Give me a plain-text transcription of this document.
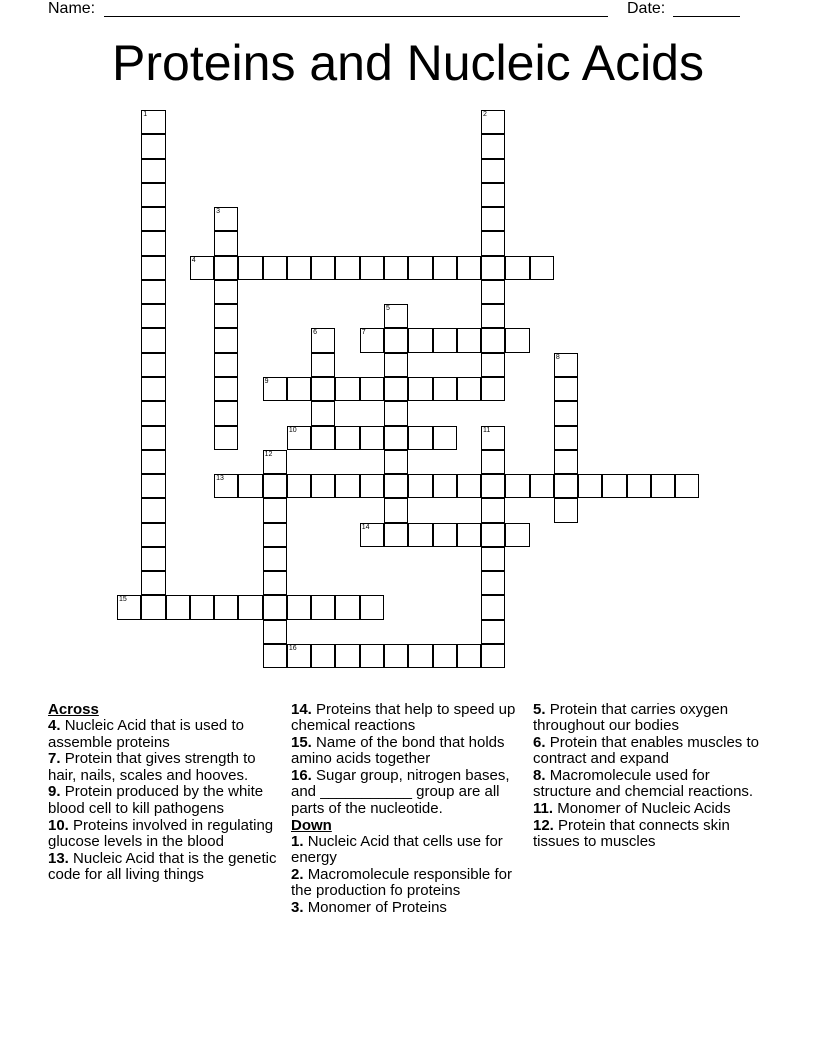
Name:	Date:
Proteins and Nucleic Acids
1	2
3
4
5
6	7
8
9
10	11
12
13
14
15
16
Across
4. Nucleic Acid that is used to assemble proteins
7. Protein that gives strength to hair, nails, scales and hooves.
9. Protein produced by the white blood cell to kill pathogens
10. Proteins involved in regulating glucose levels in the blood
13. Nucleic Acid that is the genetic code for all living things
14. Proteins that help to speed up chemical reactions
15. Name of the bond that holds amino acids together
16. Sugar group, nitrogen bases, and ___________ group are all parts of the nucleotide.
Down
1. Nucleic Acid that cells use for energy
2. Macromolecule responsible for the production fo proteins
3. Monomer of Proteins
5. Protein that carries oxygen throughout our bodies
6. Protein that enables muscles to contract and expand
8. Macromolecule used for structure and chemcial reactions.
11. Monomer of Nucleic Acids
12. Protein that connects skin tissues to muscles
